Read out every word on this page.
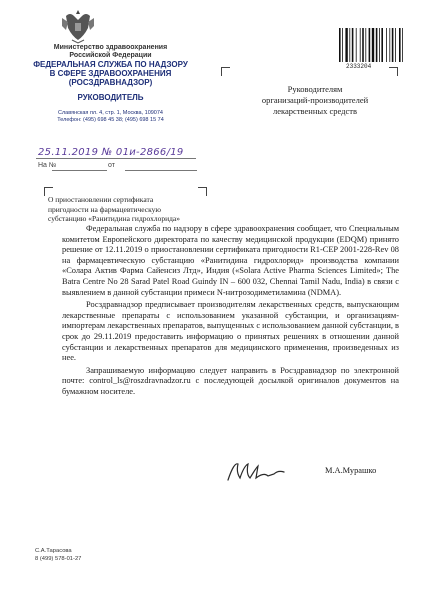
Министерство здравоохранения
Российской Федерации
ФЕДЕРАЛЬНАЯ СЛУЖБА ПО НАДЗОРУ
В СФЕРЕ ЗДРАВООХРАНЕНИЯ
(РОСЗДРАВНАДЗОР)
РУКОВОДИТЕЛЬ
Славянская пл. 4, стр. 1, Москва, 109074
Телефон: (495) 698 45 38; (495) 698 15 74
25.11.2019 № 01и-2866/19
На №	от
2333204
Руководителям
организаций-производителей
лекарственных средств
О приостановлении сертификата
пригодности на фармацевтическую
субстанцию «Ранитидина гидрохлорида»

Федеральная служба по надзору в сфере здравоохранения сообщает, что Специальным комитетом Европейского директората по качеству медицинской продукции (EDQM) принято решение от 12.11.2019 о приостановлении сертификата пригодности R1-CEP 2001-228-Rev 08 на фармацевтическую субстанцию «Ранитидина гидрохлорид» производства компании «Солара Актив Фарма Сайенсиз Лтд», Индия («Solara Active Pharma Sciences Limited»; The Batra Centre No 28 Sarad Patel Road Guindy IN – 600 032, Chennai Tamil Nadu, India) в связи с выявлением в данной субстанции примеси N-нитрозодиметиламина (NDMA).

Росздравнадзор предписывает производителям лекарственных средств, выпускающим лекарственные препараты с использованием указанной субстанции, и организациям-импортерам лекарственных препаратов, выпущенных с использованием данной субстанции, в срок до 29.11.2019 предоставить информацию о принятых решениях в отношении данной субстанции и лекарственных препаратов для медицинского применения, произведенных из нее.

Запрашиваемую информацию следует направить в Росздравнадзор по электронной почте: control_ls@roszdravnadzor.ru с последующей досылкой оригиналов документов на бумажном носителе.

М.А.Мурашко
С.А.Тарасова
8 (499) 578-01-27
